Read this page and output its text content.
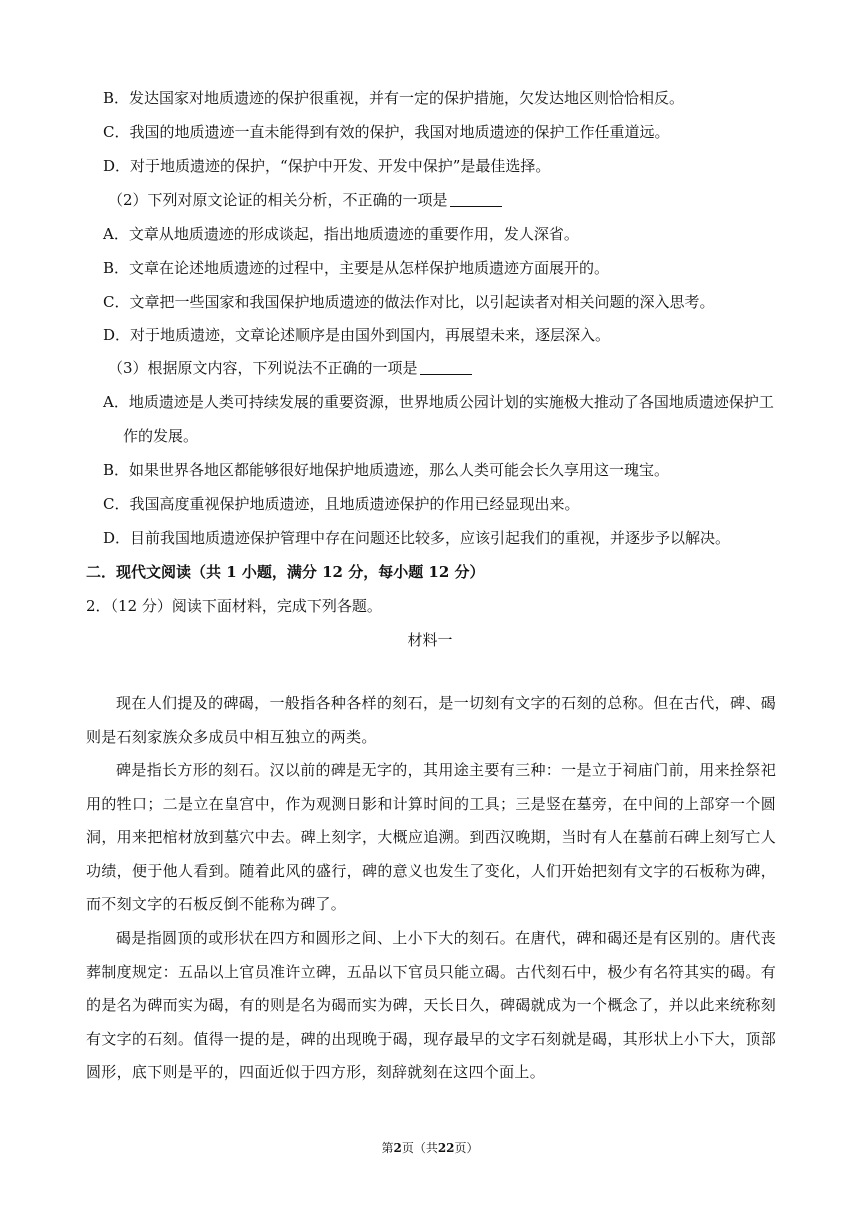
B．发达国家对地质遗迹的保护很重视，并有一定的保护措施，欠发达地区则恰恰相反。
C．我国的地质遗迹一直未能得到有效的保护，我国对地质遗迹的保护工作任重道远。
D．对于地质遗迹的保护，“保护中开发、开发中保护”是最佳选择。
（2）下列对原文论证的相关分析，不正确的一项是
A．文章从地质遗迹的形成谈起，指出地质遗迹的重要作用，发人深省。
B．文章在论述地质遗迹的过程中，主要是从怎样保护地质遗迹方面展开的。
C．文章把一些国家和我国保护地质遗迹的做法作对比，以引起读者对相关问题的深入思考。
D．对于地质遗迹，文章论述顺序是由国外到国内，再展望未来，逐层深入。
（3）根据原文内容，下列说法不正确的一项是
A．地质遗迹是人类可持续发展的重要资源，世界地质公园计划的实施极大推动了各国地质遗迹保护工
作的发展。
B．如果世界各地区都能够很好地保护地质遗迹，那么人类可能会长久享用这一瑰宝。
C．我国高度重视保护地质遗迹，且地质遗迹保护的作用已经显现出来。
D．目前我国地质遗迹保护管理中存在问题还比较多，应该引起我们的重视，并逐步予以解决。
二．现代文阅读（共 1 小题，满分 12 分，每小题 12 分）
2．（12 分）阅读下面材料，完成下列各题。
材料一
现在人们提及的碑碣，一般指各种各样的刻石，是一切刻有文字的石刻的总称。但在古代，碑、碣则是石刻家族众多成员中相互独立的两类。
碑是指长方形的刻石。汉以前的碑是无字的，其用途主要有三种：一是立于祠庙门前，用来拴祭祀用的牲口；二是立在皇宫中，作为观测日影和计算时间的工具；三是竖在墓旁，在中间的上部穿一个圆洞，用来把棺材放到墓穴中去。碑上刻字，大概应追溯。到西汉晚期，当时有人在墓前石碑上刻写亡人功绩，便于他人看到。随着此风的盛行，碑的意义也发生了变化，人们开始把刻有文字的石板称为碑，而不刻文字的石板反倒不能称为碑了。
碣是指圆顶的或形状在四方和圆形之间、上小下大的刻石。在唐代，碑和碣还是有区别的。唐代丧葬制度规定：五品以上官员准许立碑，五品以下官员只能立碣。古代刻石中，极少有名符其实的碣。有的是名为碑而实为碣，有的则是名为碣而实为碑，天长日久，碑碣就成为一个概念了，并以此来统称刻有文字的石刻。值得一提的是，碑的出现晚于碣，现存最早的文字石刻就是碣，其形状上小下大，顶部圆形，底下则是平的，四面近似于四方形，刻辞就刻在这四个面上。
第2页（共22页）
